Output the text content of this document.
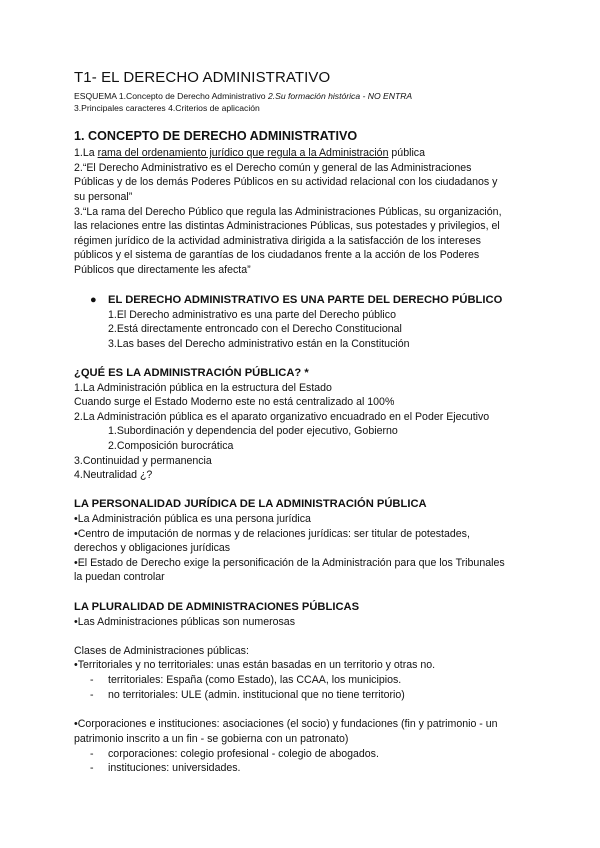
T1- EL DERECHO ADMINISTRATIVO
ESQUEMA 1.Concepto de Derecho Administrativo 2.Su formación histórica - NO ENTRA
3.Principales caracteres 4.Criterios de aplicación
1. CONCEPTO DE DERECHO ADMINISTRATIVO
1.La rama del ordenamiento jurídico que regula a la Administración pública
2.“El Derecho Administrativo es el Derecho común y general de las Administraciones
Públicas y de los demás Poderes Públicos en su actividad relacional con los ciudadanos y
su personal”
3.“La rama del Derecho Público que regula las Administraciones Públicas, su organización,
las relaciones entre las distintas Administraciones Públicas, sus potestades y privilegios, el
régimen jurídico de la actividad administrativa dirigida a la satisfacción de los intereses
públicos y el sistema de garantías de los ciudadanos frente a la acción de los Poderes
Públicos que directamente les afecta”
● EL DERECHO ADMINISTRATIVO ES UNA PARTE DEL DERECHO PÚBLICO
1.El Derecho administrativo es una parte del Derecho público
2.Está directamente entroncado con el Derecho Constitucional
3.Las bases del Derecho administrativo están en la Constitución
¿QUÉ ES LA ADMINISTRACIÓN PÚBLICA? *
1.La Administración pública en la estructura del Estado
Cuando surge el Estado Moderno este no está centralizado al 100%
2.La Administración pública es el aparato organizativo encuadrado en el Poder Ejecutivo
1.Subordinación y dependencia del poder ejecutivo, Gobierno
2.Composición burocrática
3.Continuidad y permanencia
4.Neutralidad ¿?
LA PERSONALIDAD JURÍDICA DE LA ADMINISTRACIÓN PÚBLICA
•La Administración pública es una persona jurídica
•Centro de imputación de normas y de relaciones jurídicas: ser titular de potestades,
derechos y obligaciones jurídicas
•El Estado de Derecho exige la personificación de la Administración para que los Tribunales
la puedan controlar
LA PLURALIDAD DE ADMINISTRACIONES PÚBLICAS
•Las Administraciones públicas son numerosas
Clases de Administraciones públicas:
•Territoriales y no territoriales: unas están basadas en un territorio y otras no.
- territoriales: España (como Estado), las CCAA, los municipios.
- no territoriales: ULE (admin. institucional que no tiene territorio)
•Corporaciones e instituciones: asociaciones (el socio) y fundaciones (fin y patrimonio - un
patrimonio inscrito a un fin - se gobierna con un patronato)
- corporaciones: colegio profesional - colegio de abogados.
- instituciones: universidades.
